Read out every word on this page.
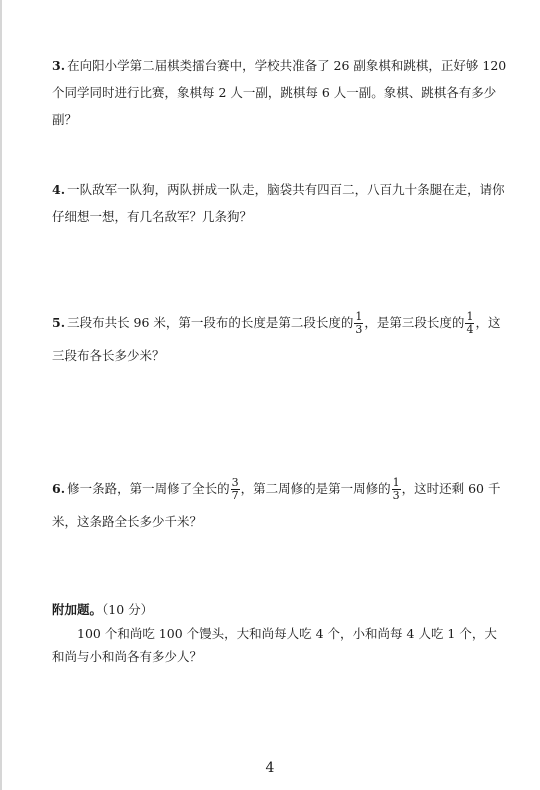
3. 在向阳小学第二届棋类擂台赛中，学校共准备了 26 副象棋和跳棋，正好够 120 个同学同时进行比赛，象棋每 2 人一副，跳棋每 6 人一副。象棋、跳棋各有多少副？
4. 一队敌军一队狗，两队拼成一队走，脑袋共有四百二，八百九十条腿在走，请你仔细想一想，有几名敌军？几条狗？
5. 三段布共长 96 米，第一段布的长度是第二段长度的 $\frac{1}{3}$ ，是第三段长度的 $\frac{1}{4}$ ，这三段布各长多少米？
6. 修一条路，第一周修了全长的 $\frac{3}{7}$ ，第二周修的是第一周修的 $\frac{1}{3}$ ，这时还剩 60 千米，这条路全长多少千米？
附加题。（10 分）
100 个和尚吃 100 个馒头，大和尚每人吃 4 个，小和尚每 4 人吃 1 个，大和尚与小和尚各有多少人？
4
